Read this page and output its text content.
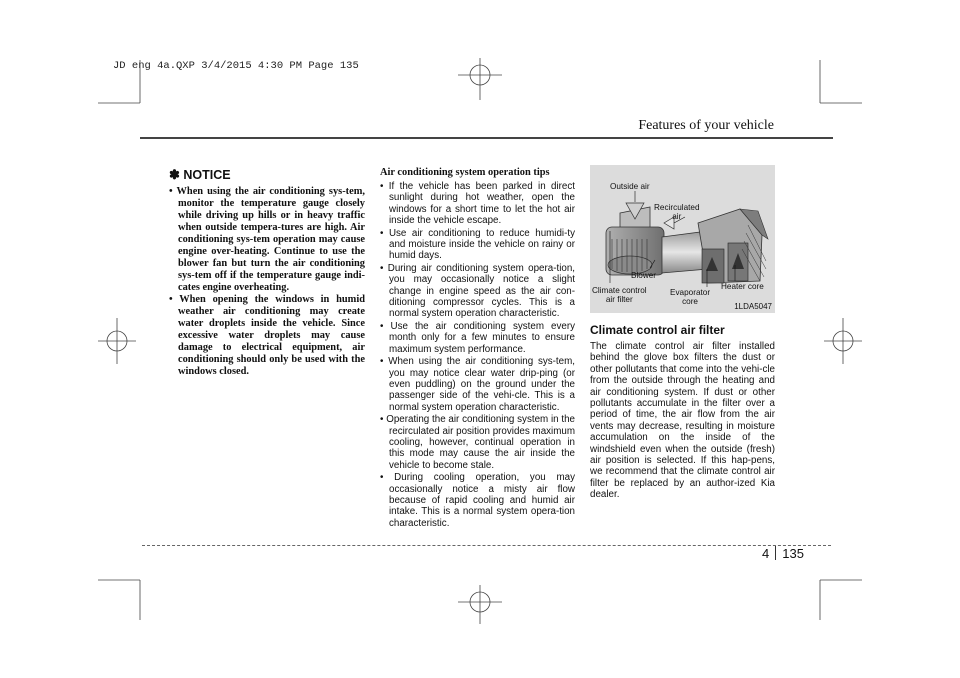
JD eng 4a.QXP 3/4/2015 4:30 PM Page 135
Features of your vehicle
✽ NOTICE
• When using the air conditioning sys-tem, monitor the temperature gauge closely while driving up hills or in heavy traffic when outside tempera-tures are high. Air conditioning sys-tem operation may cause engine over-heating. Continue to use the blower fan but turn the air conditioning sys-tem off if the temperature gauge indi-cates engine overheating.
• When opening the windows in humid weather air conditioning may create water droplets inside the vehicle. Since excessive water droplets may cause damage to electrical equipment, air conditioning should only be used with the windows closed.
Air conditioning system operation tips
• If the vehicle has been parked in direct sunlight during hot weather, open the windows for a short time to let the hot air inside the vehicle escape.
• Use air conditioning to reduce humidi-ty and moisture inside the vehicle on rainy or humid days.
• During air conditioning system opera-tion, you may occasionally notice a slight change in engine speed as the air con-ditioning compressor cycles. This is a normal system operation characteristic.
• Use the air conditioning system every month only for a few minutes to ensure maximum system performance.
• When using the air conditioning sys-tem, you may notice clear water drip-ping (or even puddling) on the ground under the passenger side of the vehi-cle. This is a normal system operation characteristic.
• Operating the air conditioning system in the recirculated air position provides maximum cooling, however, continual operation in this mode may cause the air inside the vehicle to become stale.
• During cooling operation, you may occasionally notice a misty air flow because of rapid cooling and humid air intake. This is a normal system opera-tion characteristic.
Outside air
Recirculated
air
Blower
Climate control
air filter
Evaporator
core
Heater core
1LDA5047
Climate control air filter

The climate control air filter installed behind the glove box filters the dust or other pollutants that come into the vehi-cle from the outside through the heating and air conditioning system. If dust or other pollutants accumulate in the filter over a period of time, the air flow from the air vents may decrease, resulting in moisture accumulation on the inside of the windshield even when the outside (fresh) air position is selected. If this hap-pens, we recommend that the climate control air filter be replaced by an author-ized Kia dealer.

4 135
